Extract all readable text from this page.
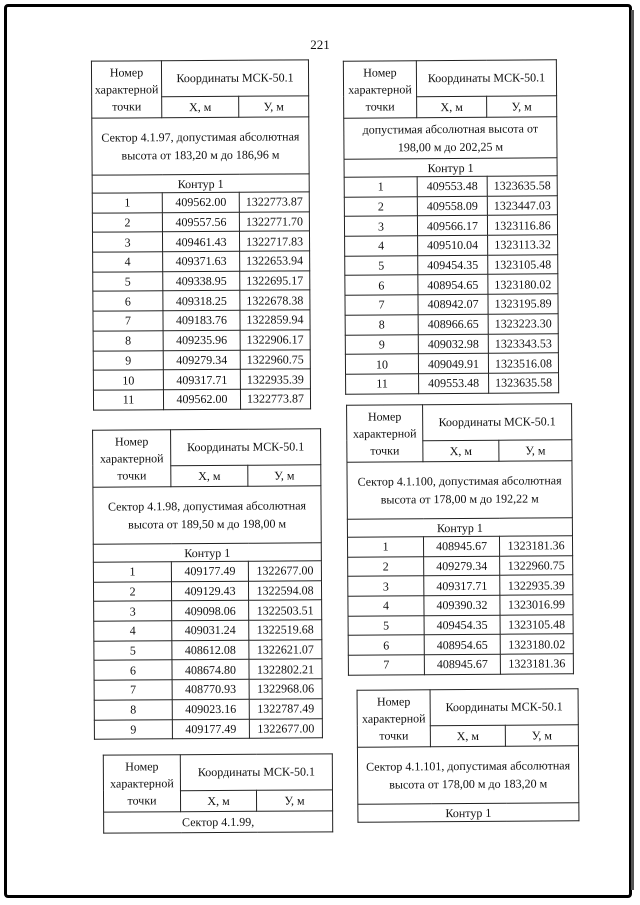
221
Номер характерной точки	Координаты МСК-50.1	
	X, м	У, м
Сектор 4.1.97, допустимая абсолютная высота от 183,20 м до 186,96 м		
Контур 1		
1	409562.00	1322773.87
2	409557.56	1322771.70
3	409461.43	1322717.83
4	409371.63	1322653.94
5	409338.95	1322695.17
6	409318.25	1322678.38
7	409183.76	1322859.94
8	409235.96	1322906.17
9	409279.34	1322960.75
10	409317.71	1322935.39
11	409562.00	1322773.87
Номер характерной точки	Координаты МСК-50.1	
	X, м	У, м
допустимая абсолютная высота от 198,00 м до 202,25 м		
Контур 1		
1	409553.48	1323635.58
2	409558.09	1323447.03
3	409566.17	1323116.86
4	409510.04	1323113.32
5	409454.35	1323105.48
6	408954.65	1323180.02
7	408942.07	1323195.89
8	408966.65	1323223.30
9	409032.98	1323343.53
10	409049.91	1323516.08
11	409553.48	1323635.58
Номер характерной точки	Координаты МСК-50.1	
	X, м	У, м
Сектор 4.1.98, допустимая абсолютная высота от 189,50 м до 198,00 м		
Контур 1		
1	409177.49	1322677.00
2	409129.43	1322594.08
3	409098.06	1322503.51
4	409031.24	1322519.68
5	408612.08	1322621.07
6	408674.80	1322802.21
7	408770.93	1322968.06
8	409023.16	1322787.49
9	409177.49	1322677.00
Номер характерной точки	Координаты МСК-50.1	
	X, м	У, м
Сектор 4.1.100, допустимая абсолютная высота от 178,00 м до 192,22 м		
Контур 1		
1	408945.67	1323181.36
2	409279.34	1322960.75
3	409317.71	1322935.39
4	409390.32	1323016.99
5	409454.35	1323105.48
6	408954.65	1323180.02
7	408945.67	1323181.36
Номер характерной точки	Координаты МСК-50.1	
	X, м	У, м
Сектор 4.1.99,		
Номер характерной точки	Координаты МСК-50.1	
	X, м	У, м
Сектор 4.1.101, допустимая абсолютная высота от 178,00 м до 183,20 м		
Контур 1		
